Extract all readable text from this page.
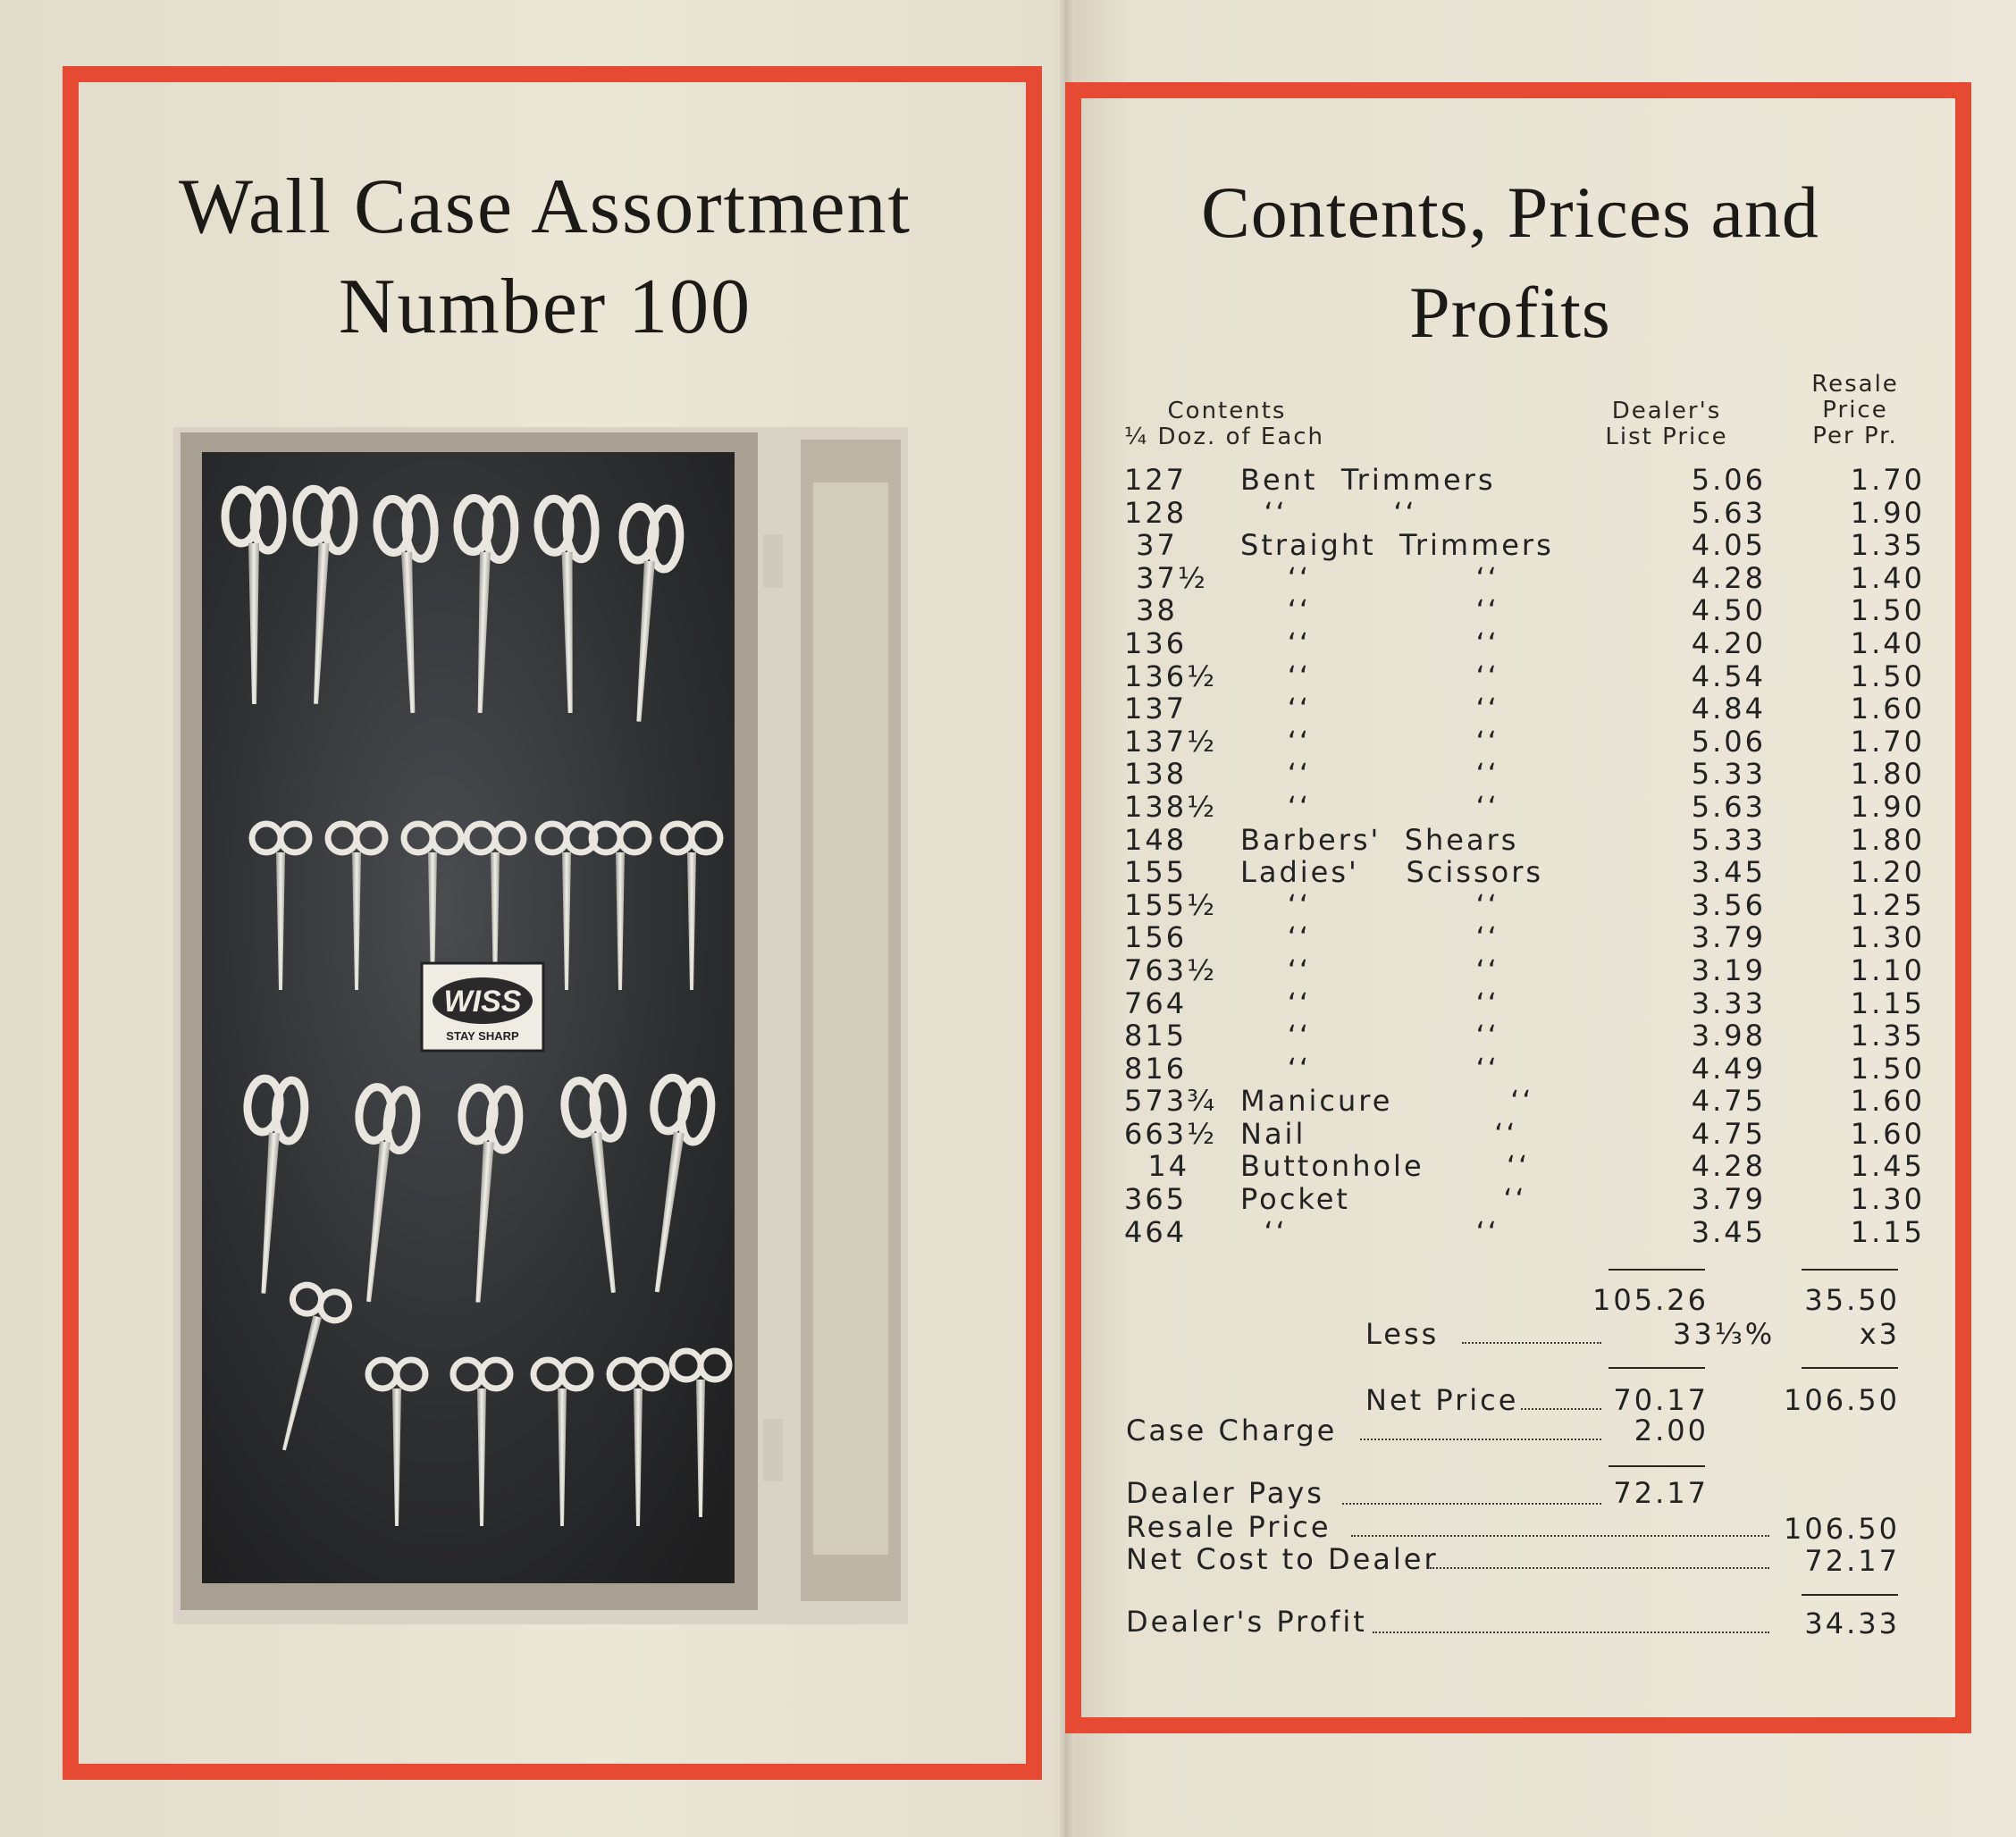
Wall Case Assortment
Number 100
WISS
STAY SHARP
Contents, Prices and
Profits
Contents

¼ Doz. of Each
Dealer's
List Price
Resale
Price
Per Pr.
127 Bent  Trimmers	5.06	1.70
128 ‘‘         ‘‘	5.63	1.90
37 Straight  Trimmers	4.05	1.35
37½ ‘‘              ‘‘	4.28	1.40
38 ‘‘              ‘‘	4.50	1.50
136 ‘‘              ‘‘	4.20	1.40
136½ ‘‘              ‘‘	4.54	1.50
137 ‘‘              ‘‘	4.84	1.60
137½ ‘‘              ‘‘	5.06	1.70
138 ‘‘              ‘‘	5.33	1.80
138½ ‘‘              ‘‘	5.63	1.90
148 Barbers'  Shears	5.33	1.80
155 Ladies'    Scissors	3.45	1.20
155½ ‘‘              ‘‘	3.56	1.25
156 ‘‘              ‘‘	3.79	1.30
763½ ‘‘              ‘‘	3.19	1.10
764 ‘‘              ‘‘	3.33	1.15
815 ‘‘              ‘‘	3.98	1.35
816 ‘‘              ‘‘	4.49	1.50
573¾ Manicure          ‘‘	4.75	1.60
663½ Nail                ‘‘	4.75	1.60
14 Buttonhole       ‘‘	4.28	1.45
365 Pocket             ‘‘	3.79	1.30
464 ‘‘                ‘‘	3.45	1.15
105.26	35.50
Less	33⅓%	x3
Net Price	70.17	106.50
Case Charge	2.00
Dealer Pays	72.17
Resale Price	106.50
Net Cost to Dealer	72.17
Dealer's Profit	34.33
